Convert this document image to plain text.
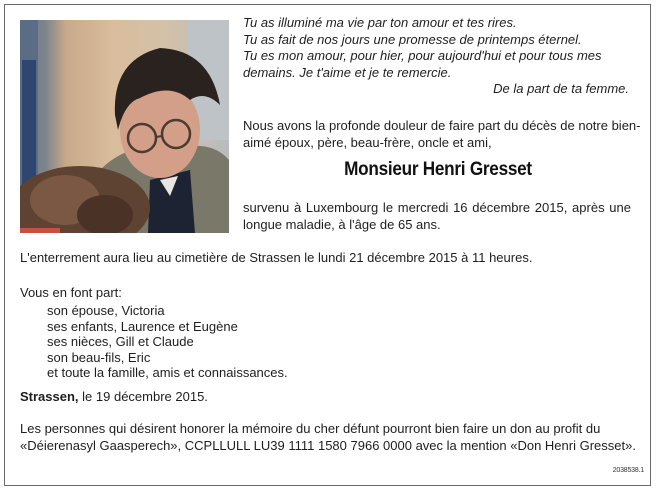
Tu as illuminé ma vie par ton amour et tes rires.
Tu as fait de nos jours une promesse de printemps éternel.
Tu es mon amour, pour hier, pour aujourd'hui et pour tous mes
demains. Je t'aime et je te remercie.
De la part de ta femme.
Nous avons la profonde douleur de faire part du décès de notre bien-aimé époux, père, beau-frère, oncle et ami,
Monsieur Henri Gresset
survenu à Luxembourg le mercredi 16 décembre 2015, après une longue maladie, à l'âge de 65 ans.
L'enterrement aura lieu au cimetière de Strassen le lundi 21 décembre 2015 à 11 heures.
Vous en font part:
son épouse, Victoria
ses enfants, Laurence et Eugène
ses nièces, Gill et Claude
son beau-fils, Eric
et toute la famille, amis et connaissances.
Strassen, le 19 décembre 2015.
Les personnes qui désirent honorer la mémoire du cher défunt pourront bien faire un don au profit du «Déierenasyl Gaasperech», CCPLLULL LU39 1111 1580 7966 0000 avec la mention «Don Henri Gresset».
2038538.1
